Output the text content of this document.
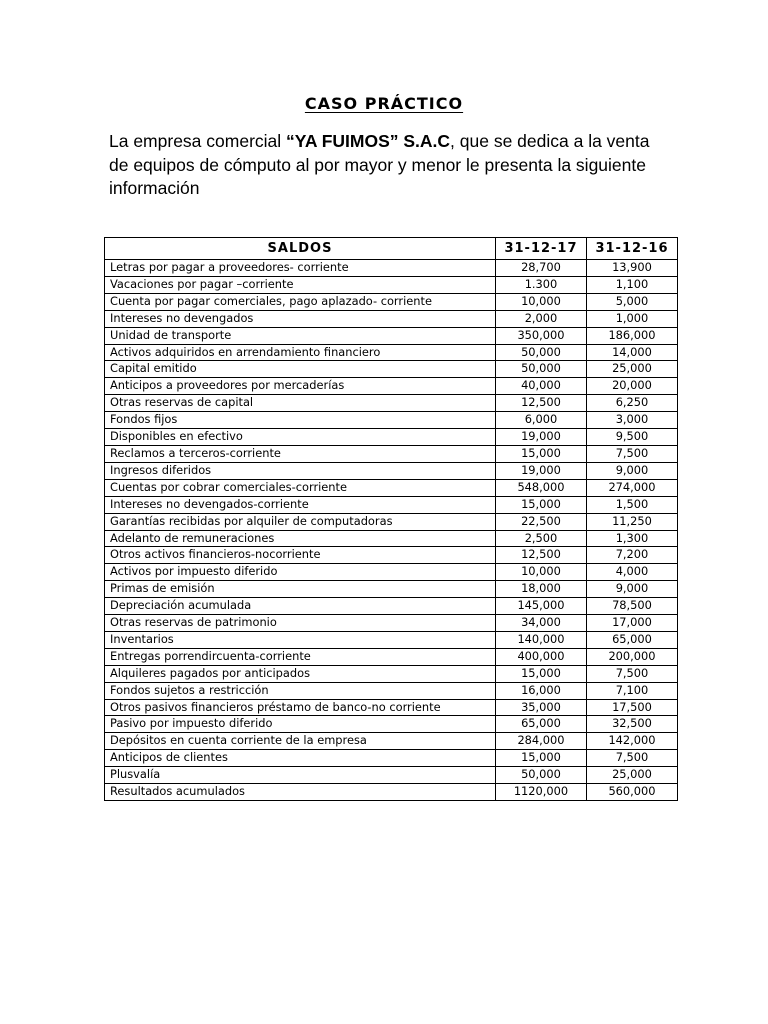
CASO PRÁCTICO

La empresa comercial “YA FUIMOS” S.A.C, que se dedica a la venta de equipos de cómputo al por mayor y menor le presenta la siguiente información

SALDOS	31-12-17	31-12-16
Letras por pagar a proveedores- corriente	28,700	13,900
Vacaciones por pagar –corriente	1.300	1,100
Cuenta por pagar comerciales, pago aplazado- corriente	10,000	5,000
Intereses no devengados	2,000	1,000
Unidad de transporte	350,000	186,000
Activos adquiridos en arrendamiento financiero	50,000	14,000
Capital emitido	50,000	25,000
Anticipos a proveedores por mercaderías	40,000	20,000
Otras reservas de capital	12,500	6,250
Fondos fijos	6,000	3,000
Disponibles en efectivo	19,000	9,500
Reclamos a terceros-corriente	15,000	7,500
Ingresos diferidos	19,000	9,000
Cuentas por cobrar comerciales-corriente	548,000	274,000
Intereses no devengados-corriente	15,000	1,500
Garantías recibidas por alquiler de computadoras	22,500	11,250
Adelanto de remuneraciones	2,500	1,300
Otros activos financieros-nocorriente	12,500	7,200
Activos por impuesto diferido	10,000	4,000
Primas de emisión	18,000	9,000
Depreciación acumulada	145,000	78,500
Otras reservas de patrimonio	34,000	17,000
Inventarios	140,000	65,000
Entregas porrendircuenta-corriente	400,000	200,000
Alquileres pagados por anticipados	15,000	7,500
Fondos sujetos a restricción	16,000	7,100
Otros pasivos financieros préstamo de banco-no corriente	35,000	17,500
Pasivo por impuesto diferido	65,000	32,500
Depósitos en cuenta corriente de la empresa	284,000	142,000
Anticipos de clientes	15,000	7,500
Plusvalía	50,000	25,000
Resultados acumulados	1120,000	560,000
